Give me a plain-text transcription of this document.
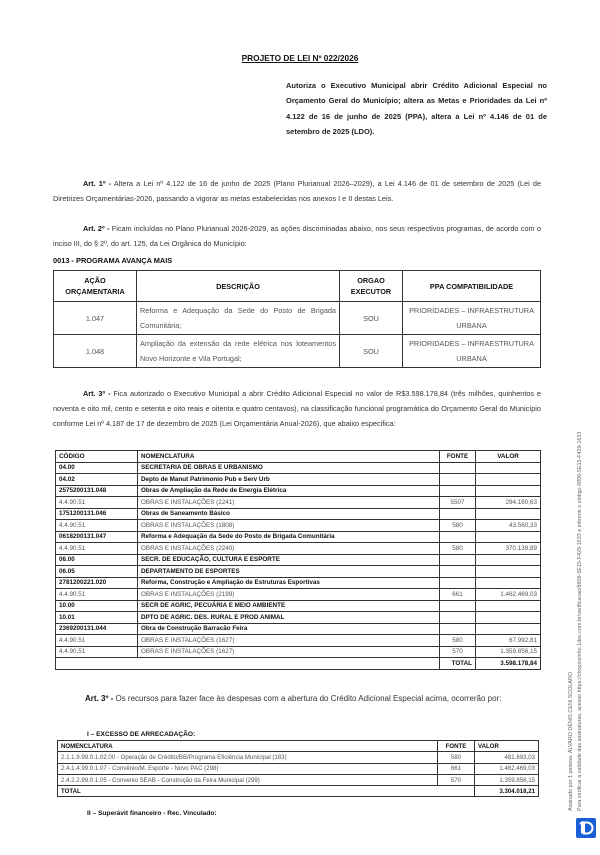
PROJETO DE LEI Nº 022/2026
Autoriza o Executivo Municipal abrir Crédito Adicional Especial no Orçamento Geral do Município; altera as Metas e Prioridades da Lei nº 4.122 de 16 de junho de 2025 (PPA), altera a Lei nº 4.146 de 01 de setembro de 2025 (LDO).
Art. 1º - Altera a Lei nº 4.122 de 16 de junho de 2025 (Plano Plurianual 2026–2029), a Lei 4.146 de 01 de setembro de 2025 (Lei de Diretrizes Orçamentárias-2026, passando a vigorar as metas estabelecidas nos anexos I e II destas Leis.
Art. 2º - Ficam incluídas no Plano Plurianual 2026-2029, as ações discriminadas abaixo, nos seus respectivos programas, de acordo com o inciso III, do § 2º, do art. 125, da Lei Orgânica do Município:
0013 - PROGRAMA AVANÇA MAIS
AÇÃO ORÇAMENTARIA	DESCRIÇÃO	ORGAO EXECUTOR	PPA COMPATIBILIDADE
1.047	Reforma e Adequação da Sede do Posto de Brigada Comunitária;	SOU	PRIORIDADES – INFRAESTRUTURA URBANA
1.048	Ampliação da extensão da rede elétrica nos loteamentos Novo Horizonte e Vila Portugal;	SOU	PRIORIDADES – INFRAESTRUTURA URBANA
Art. 3º - Fica autorizado o Executivo Municipal a abrir Crédito Adicional Especial no valor de R$3.598.178,84 (três milhões, quinhentos e noventa e oito mil, cento e setenta e oito reais e oitenta e quatro centavos), na classificação funcional programática do Orçamento Geral do Município conforme Lei nº 4.187 de 17 de dezembro de 2025 (Lei Orçamentária Anual-2026), que abaixo especifica:
CÓDIGO	NOMENCLATURA	FONTE	VALOR
04.00	SECRETARIA DE OBRAS E URBANISMO		
04.02	Depto de Manut Patrimonio Pub e Serv Urb		
2575200131.048	Obras de Ampliação da Rede de Energia Elétrica		
4.4.90.51	OBRAS E INSTALAÇÕES (2241)	5507	294.160,63
1751200131.046	Obras de Saneamento Básico		
4.4.90.51	OBRAS E INSTALAÇÕES (1808)	580	43.560,33
0618200131.047	Reforma e Adequação da Sede do Posto de Brigada Comunitária		
4.4.90.51	OBRAS E INSTALAÇÕES (2240)	580	370.139,89
06.00	SECR. DE EDUCAÇÃO, CULTURA E ESPORTE		
06.05	DEPARTAMENTO DE ESPORTES		
2781200221.020	Reforma, Construção e Ampliação de Estruturas Esportivas		
4.4.90.51	OBRAS E INSTALAÇÕES (2199)	661	1.462.469,03
10.00	SECR DE AGRIC, PECUÁRIA E MEIO AMBIENTE		
10.01	DPTO DE AGRIC. DES. RURAL E PROD ANIMAL		
2369200131.044	Obra de Construção Barracão Feira		
4.4.90.51	OBRAS E INSTALAÇÕES (1627)	580	67.992,81
4.4.90.51	OBRAS E INSTALAÇÕES (1627)	570	1.359.856,15
		TOTAL	3.598.178,84
Art. 3º - Os recursos para fazer face às despesas com a abertura do Crédito Adicional Especial acima, ocorrerão por:
I – EXCESSO DE ARRECADAÇÃO:
NOMENCLATURA	FONTE	VALOR
2.1.1.9.99.0.1.02.00 - Operação de Crédito/BB/Programa Eficiência Municipal (183)	580	481.693,03
2.4.1.4.99.0.1.07 - Convênio/M. Esporte - Novo PAC (298)	661	1.462.469,03
2.4.2.2.99.0.1.05 - Convenio SEAB - Construção da Feira Municipal (299)	570	1.359.856,15
TOTAL		3.304.018,21
II – Superávit financeiro - Rec. Vinculado:
Assinado por 1 pessoa: ÁLVARO DÊNIS CENI SCOLARO Para verificar a validade das assinaturas, acesse https://chopinzinho.1doc.com.br/verificacao/8806-5E15-F429-1633 e informe o código 8806-5E15-F429-1633
